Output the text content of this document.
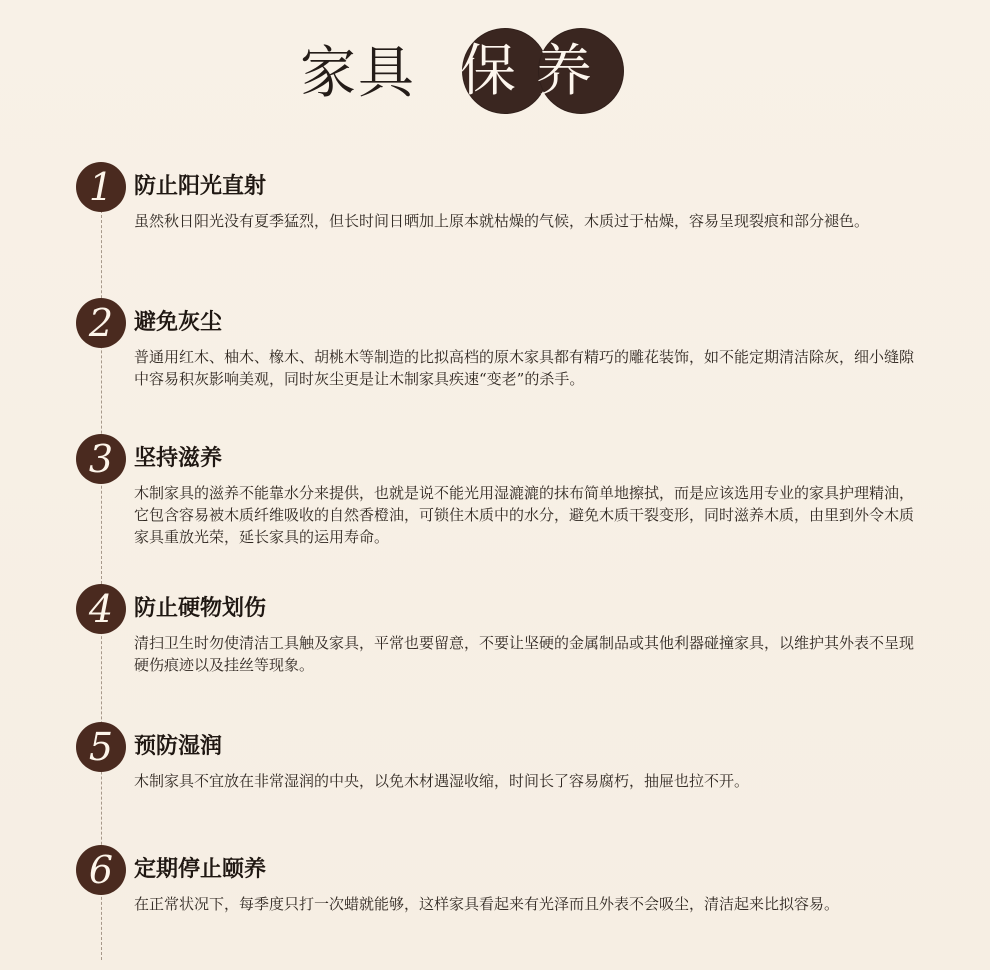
家具 保养
1 防止阳光直射
虽然秋日阳光没有夏季猛烈，但长时间日晒加上原本就枯燥的气候，木质过于枯燥，容易呈现裂痕和部分褪色。
2 避免灰尘
普通用红木、柚木、橡木、胡桃木等制造的比拟高档的原木家具都有精巧的雕花装饰，如不能定期清洁除灰，细小缝隙中容易积灰影响美观，同时灰尘更是让木制家具疾速“变老”的杀手。
3 坚持滋养
木制家具的滋养不能靠水分来提供，也就是说不能光用湿漉漉的抹布简单地擦拭，而是应该选用专业的家具护理精油，它包含容易被木质纤维吸收的自然香橙油，可锁住木质中的水分，避免木质干裂变形，同时滋养木质，由里到外令木质家具重放光荣，延长家具的运用寿命。
4 防止硬物划伤
清扫卫生时勿使清洁工具触及家具，平常也要留意，不要让坚硬的金属制品或其他利器碰撞家具，以维护其外表不呈现硬伤痕迹以及挂丝等现象。
5 预防湿润
木制家具不宜放在非常湿润的中央，以免木材遇湿收缩，时间长了容易腐朽，抽屉也拉不开。
6 定期停止颐养
在正常状况下，每季度只打一次蜡就能够，这样家具看起来有光泽而且外表不会吸尘，清洁起来比拟容易。
